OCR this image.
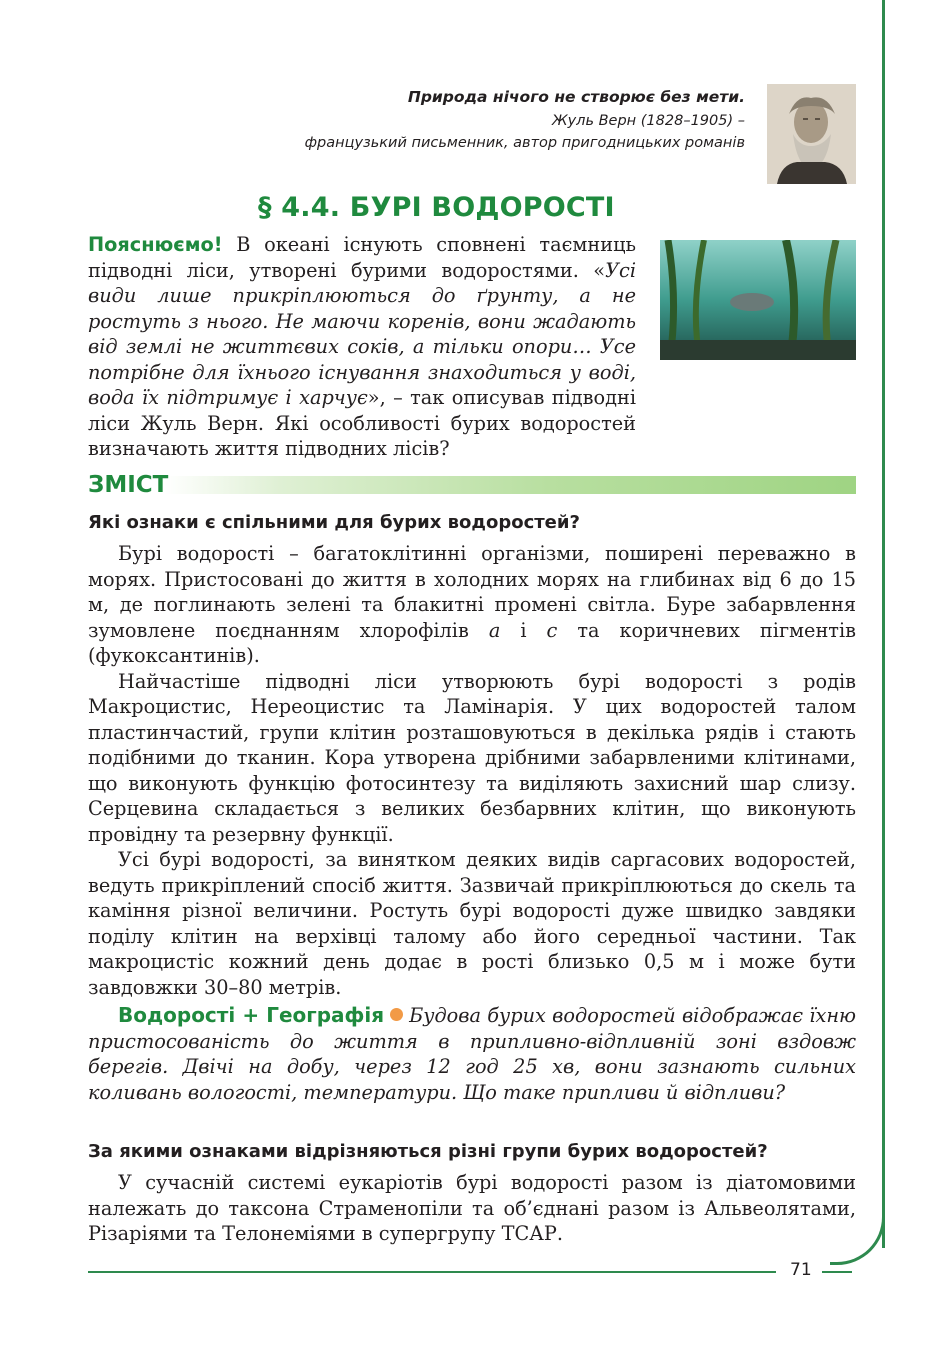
71
Природа нічого не створює без мети.
Жуль Верн (1828–1905) –
французький письменник, автор пригодницьких романів
§ 4.4. БУРІ ВОДОРОСТІ
Пояснюємо! В океані існують сповнені таємниць підводні ліси, утворені бурими водоростями. «Усі види лише прикріплюються до ґрунту, а не ростуть з нього. Не маючи коренів, вони жадають від землі не життєвих соків, а тільки опори… Усе потрібне для їхнього існування знаходиться у воді, вода їх підтримує і харчує», – так описував підводні ліси Жуль Верн. Які особливості бурих водоростей визначають життя підводних лісів?
ЗМІСТ
Які ознаки є спільними для бурих водоростей?

Бурі водорості – багатоклітинні організми, поширені переважно в морях. Пристосовані до життя в холодних морях на глибинах від 6 до 15 м, де поглинають зелені та блакитні промені світла. Буре забарвлення зумовлене поєднанням хлорофілів a і c та коричневих пігментів (фукоксантинів).

Найчастіше підводні ліси утворюють бурі водорості з родів Макроцистис, Нереоцистис та Ламінарія. У цих водоростей талом пластинчастий, групи клітин розташовуються в декілька рядів і стають подібними до тканин. Кора утворена дрібними забарвленими клітинами, що виконують функцію фотосинтезу та виділяють захисний шар слизу. Серцевина складається з великих безбарвних клітин, що виконують провідну та резервну функції.

Усі бурі водорості, за винятком деяких видів саргасових водоростей, ведуть прикріплений спосіб життя. Зазвичай прикріплюються до скель та каміння різної величини. Ростуть бурі водорості дуже швидко завдяки поділу клітин на верхівці талому або його середньої частини. Так макроцистіс кожний день додає в рості близько 0,5 м і може бути завдовжки 30–80 метрів.

Водорості + Географія Будова бурих водоростей відображає їхню пристосованість до життя в припливно-відпливній зоні вздовж берегів. Двічі на добу, через 12 год 25 хв, вони зазнають сильних коливань вологості, температури. Що таке припливи й відпливи?
За якими ознаками відрізняються різні групи бурих водоростей?

У сучасній системі еукаріотів бурі водорості разом із діатомовими належать до таксона Страменопіли та об’єднані разом із Альвеолятами, Різаріями та Телонеміями в супергрупу ТСАР.
